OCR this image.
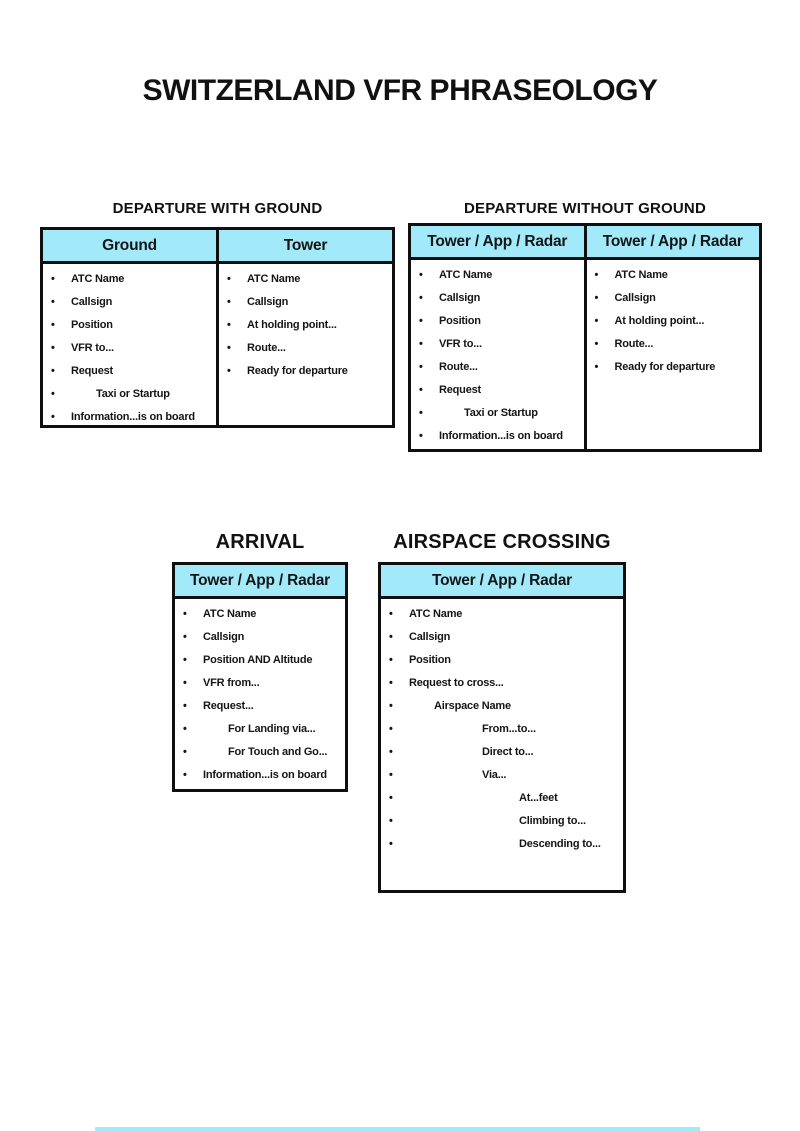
SWITZERLAND VFR PHRASEOLOGY
DEPARTURE WITH GROUND
Ground
•	ATC Name
•	Callsign
•	Position
•	VFR to...
•	Request
•	Taxi or Startup
•	Information...is on board
Tower
•	ATC Name
•	Callsign
•	At holding point...
•	Route...
•	Ready for departure
DEPARTURE WITHOUT GROUND
Tower / App / Radar
•	ATC Name
•	Callsign
•	Position
•	VFR to...
•	Route...
•	Request
•	Taxi or Startup
•	Information...is on board
Tower / App / Radar
•	ATC Name
•	Callsign
•	At holding point...
•	Route...
•	Ready for departure
ARRIVAL
Tower / App / Radar
•	ATC Name
•	Callsign
•	Position AND Altitude
•	VFR from...
•	Request...
•	For Landing via...
•	For Touch and Go...
•	Information...is on board
AIRSPACE CROSSING
Tower / App / Radar
•	ATC Name
•	Callsign
•	Position
•	Request to cross...
•	Airspace Name
•	From...to...
•	Direct to...
•	Via...
•	At...feet
•	Climbing to...
•	Descending to...
